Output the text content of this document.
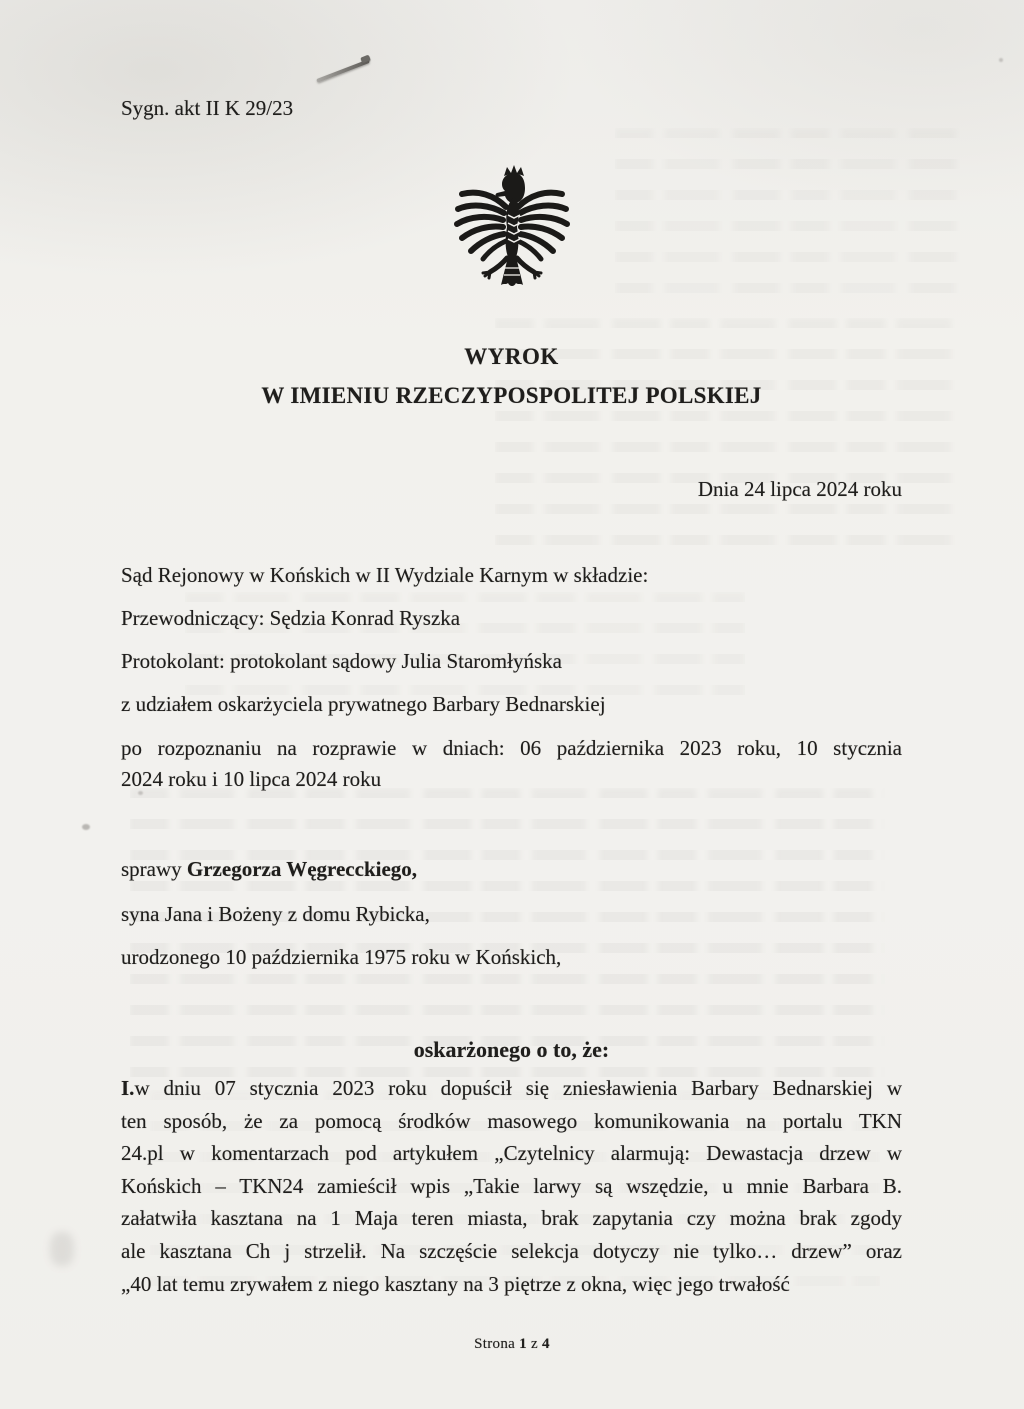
Sygn. akt II K 29/23
WYROK
W IMIENIU RZECZYPOSPOLITEJ POLSKIEJ
Dnia 24 lipca 2024 roku
Sąd Rejonowy w Końskich w II Wydziale Karnym w składzie:
Przewodniczący: Sędzia Konrad Ryszka
Protokolant: protokolant sądowy Julia Staromłyńska
z udziałem oskarżyciela prywatnego Barbary Bednarskiej
po rozpoznaniu na rozprawie w dniach: 06 października 2023 roku, 10 stycznia
2024 roku i 10 lipca 2024 roku
sprawy Grzegorza Węgrecckiego,
syna Jana i Bożeny z domu Rybicka,
urodzonego 10 października 1975 roku w Końskich,
oskarżonego o to, że:
I.w dniu 07 stycznia 2023 roku dopuścił się zniesławienia Barbary Bednarskiej w
ten sposób, że za pomocą środków masowego komunikowania na portalu TKN
24.pl w komentarzach pod artykułem „Czytelnicy alarmują: Dewastacja drzew w
Końskich – TKN24 zamieścił wpis „Takie larwy są wszędzie, u mnie Barbara B.
załatwiła kasztana na 1 Maja teren miasta, brak zapytania czy można brak zgody
ale kasztana Ch j strzelił. Na szczęście selekcja dotyczy nie tylko… drzew” oraz
„40 lat temu zrywałem z niego kasztany na 3 piętrze z okna, więc jego trwałość
Strona 1 z 4
